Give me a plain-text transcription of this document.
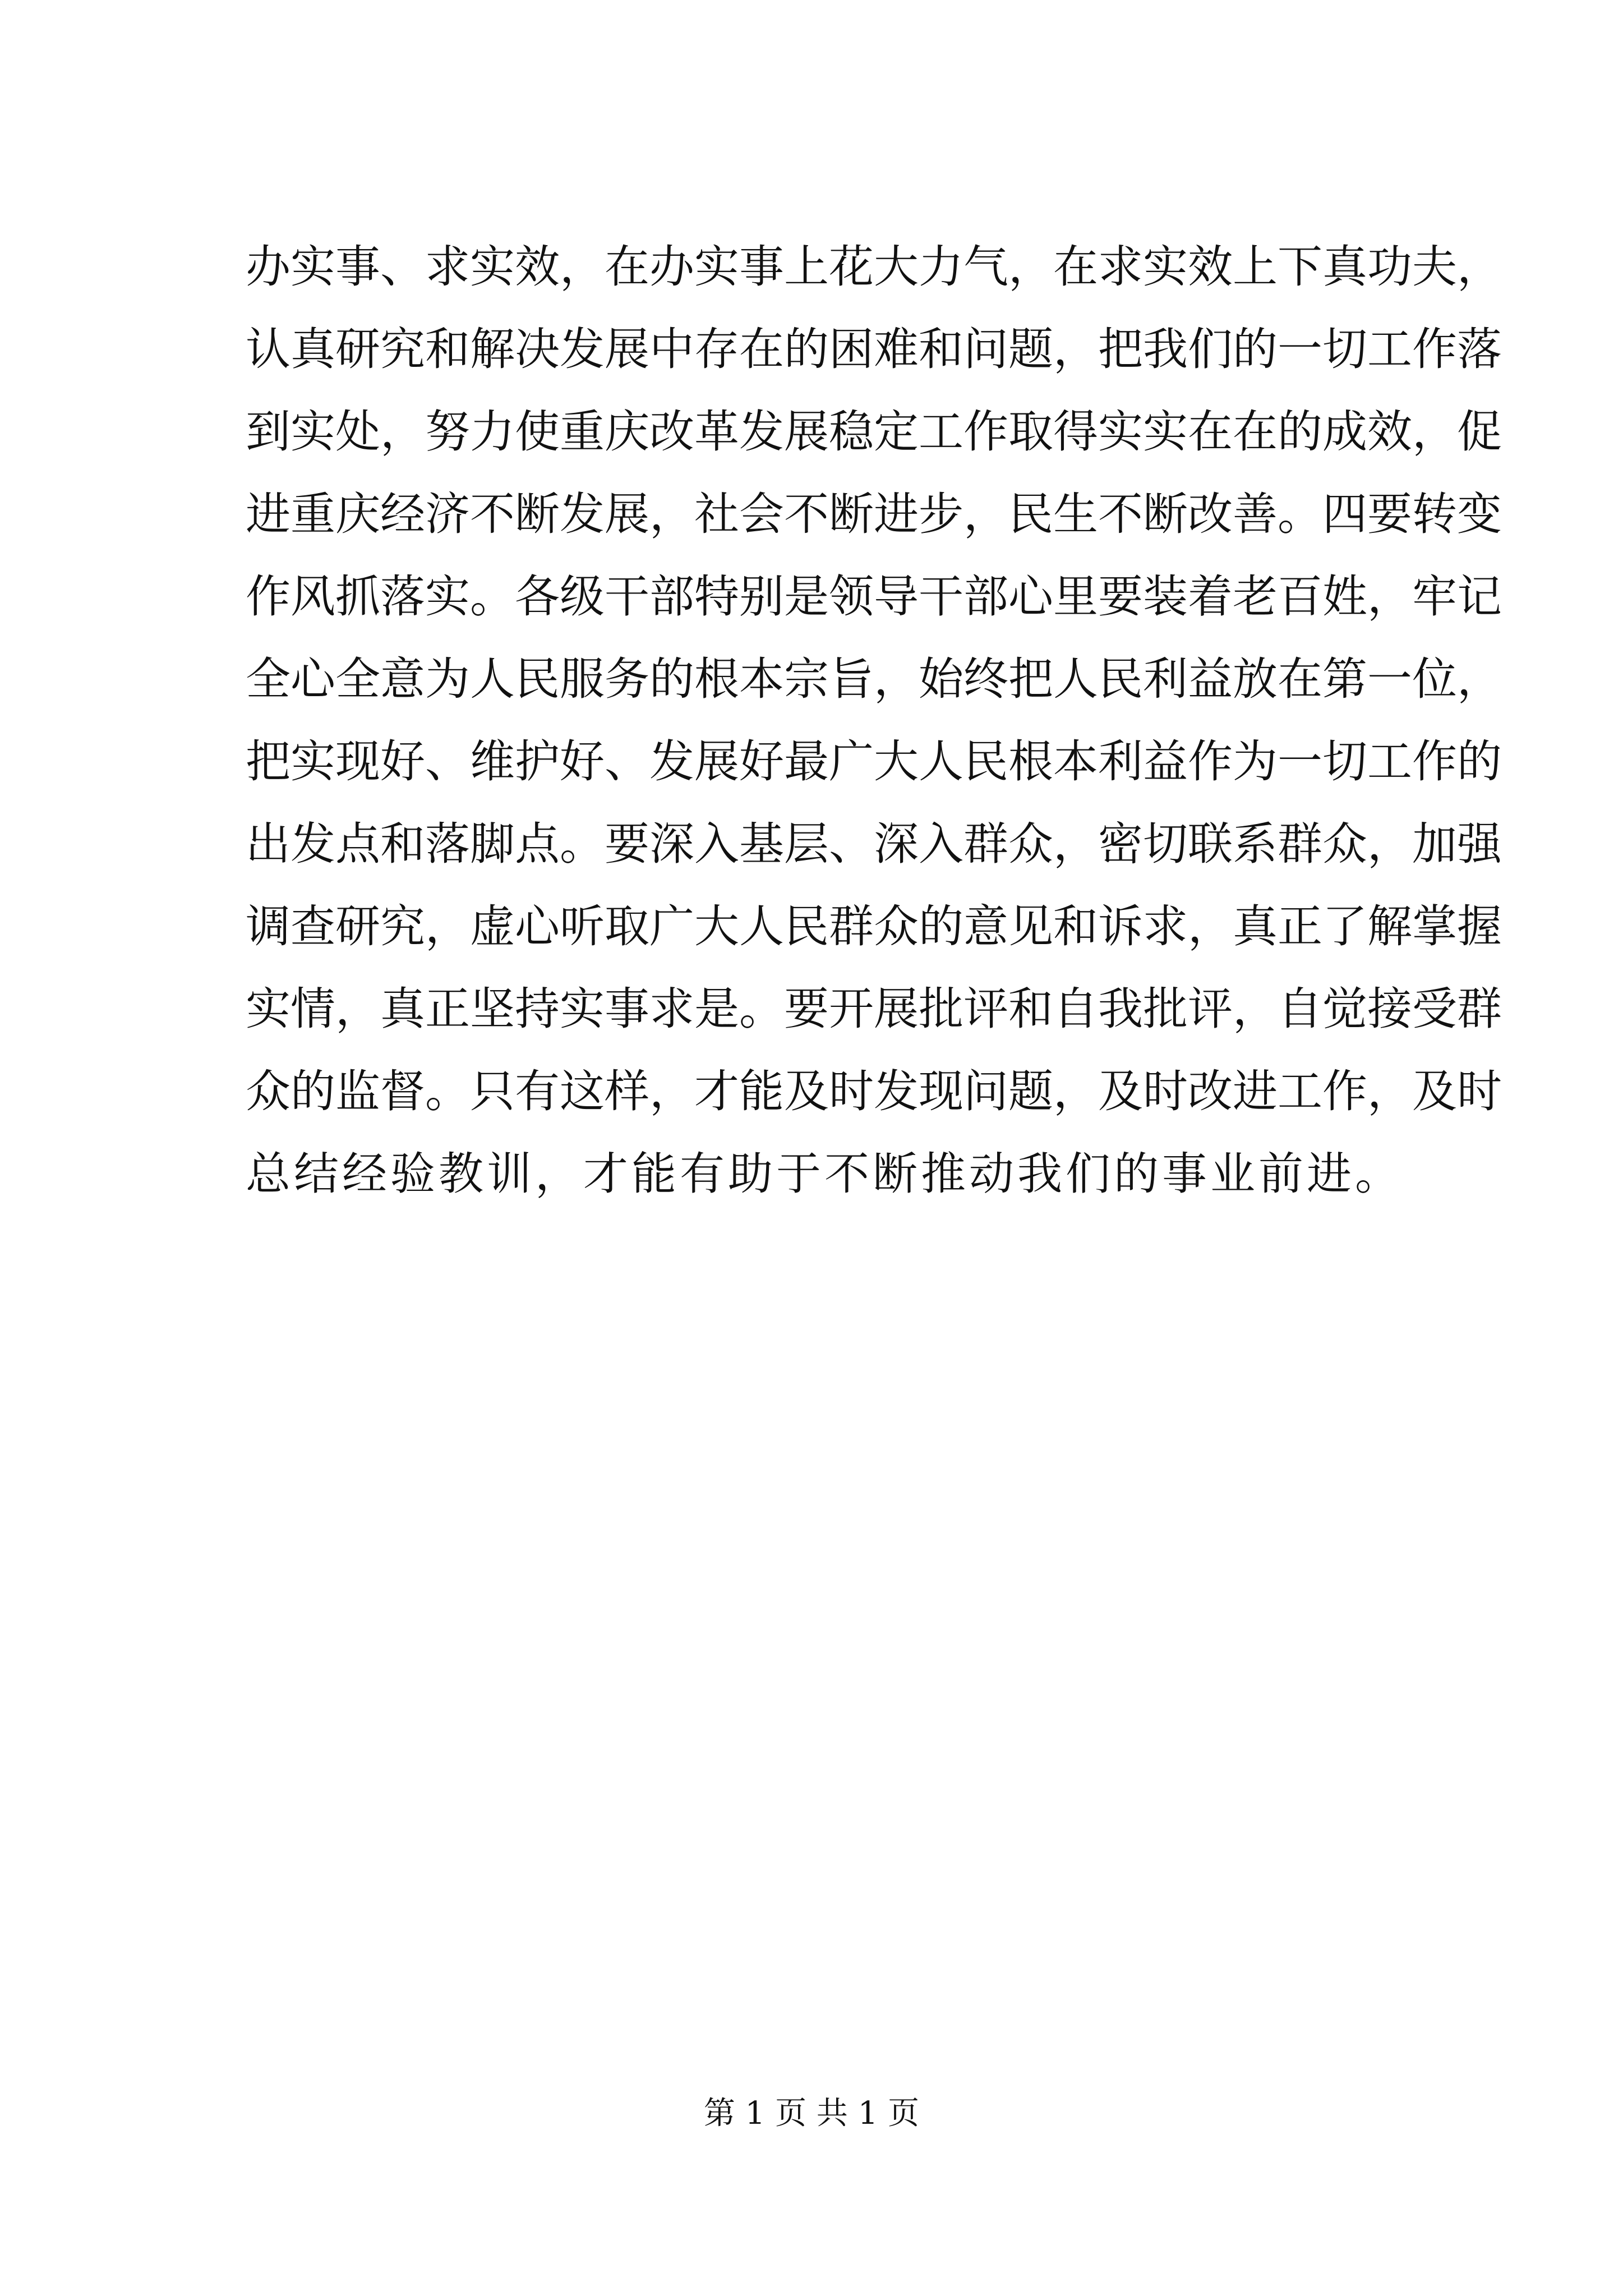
办实事、求实效，在办实事上花大力气，在求实效上下真功夫，
认真研究和解决发展中存在的困难和问题，把我们的一切工作落
到实处，努力使重庆改革发展稳定工作取得实实在在的成效，促
进重庆经济不断发展，社会不断进步，民生不断改善。四要转变
作风抓落实。各级干部特别是领导干部心里要装着老百姓，牢记
全心全意为人民服务的根本宗旨，始终把人民利益放在第一位，
把实现好、维护好、发展好最广大人民根本利益作为一切工作的
出发点和落脚点。要深入基层、深入群众，密切联系群众，加强
调查研究，虚心听取广大人民群众的意见和诉求，真正了解掌握
实情，真正坚持实事求是。要开展批评和自我批评，自觉接受群
众的监督。只有这样，才能及时发现问题，及时改进工作，及时
总结经验教训，才能有助于不断推动我们的事业前进。
第 1 页 共 1 页
